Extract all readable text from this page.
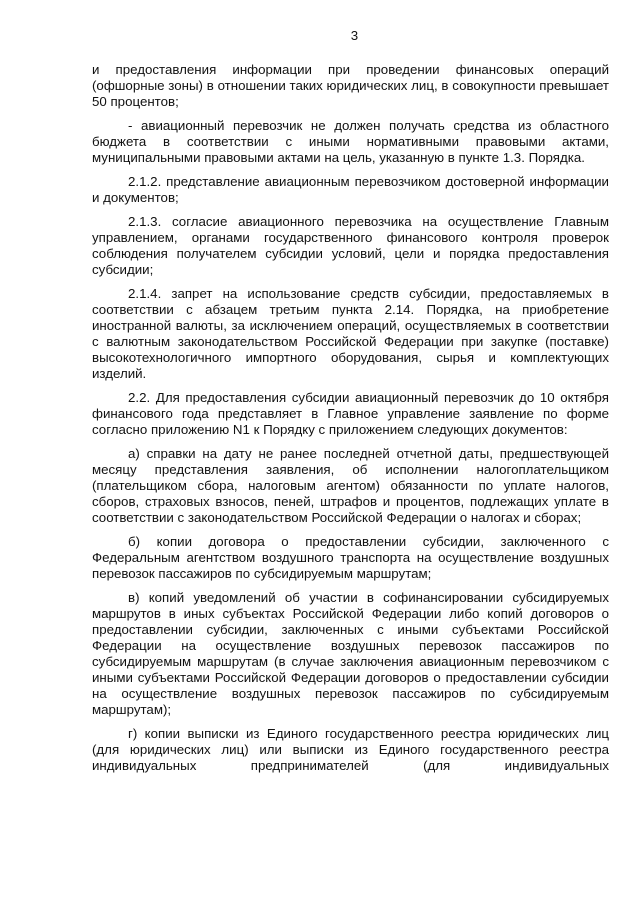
3

и предоставления информации при проведении финансовых операций (офшорные зоны) в отношении таких юридических лиц, в совокупности превышает 50 процентов;

- авиационный перевозчик не должен получать средства из областного бюджета в соответствии с иными нормативными правовыми актами, муниципальными правовыми актами на цель, указанную в пункте 1.3. Порядка.

2.1.2. представление авиационным перевозчиком достоверной информации и документов;

2.1.3. согласие авиационного перевозчика на осуществление Главным управлением, органами государственного финансового контроля проверок соблюдения получателем субсидии условий, цели и порядка предоставления субсидии;

2.1.4. запрет на использование средств субсидии, предоставляемых в соответствии с абзацем третьим пункта 2.14. Порядка, на приобретение иностранной валюты, за исключением операций, осуществляемых в соответствии с валютным законодательством Российской Федерации при закупке (поставке) высокотехнологичного импортного оборудования, сырья и комплектующих изделий.

2.2. Для предоставления субсидии авиационный перевозчик до 10 октября финансового года представляет в Главное управление заявление по форме согласно приложению N1 к Порядку с приложением следующих документов:

а) справки на дату не ранее последней отчетной даты, предшествующей месяцу представления заявления, об исполнении налогоплательщиком (плательщиком сбора, налоговым агентом) обязанности по уплате налогов, сборов, страховых взносов, пеней, штрафов и процентов, подлежащих уплате в соответствии с законодательством Российской Федерации о налогах и сборах;

б) копии договора о предоставлении субсидии, заключенного с Федеральным агентством воздушного транспорта на осуществление воздушных перевозок пассажиров по субсидируемым маршрутам;

в) копий уведомлений об участии в софинансировании субсидируемых маршрутов в иных субъектах Российской Федерации либо копий договоров о предоставлении субсидии, заключенных с иными субъектами Российской Федерации на осуществление воздушных перевозок пассажиров по субсидируемым маршрутам (в случае заключения авиационным перевозчиком с иными субъектами Российской Федерации договоров о предоставлении субсидии на осуществление воздушных перевозок пассажиров по субсидируемым маршрутам);

г) копии выписки из Единого государственного реестра юридических лиц (для юридических лиц) или выписки из Единого государственного реестра индивидуальных предпринимателей (для индивидуальных
